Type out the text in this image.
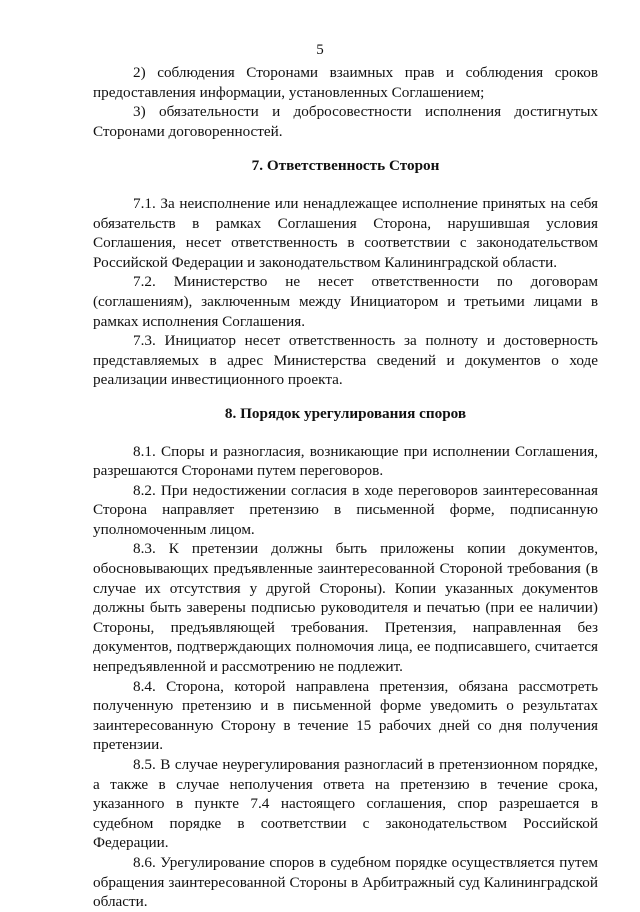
5

2) соблюдения Сторонами взаимных прав и соблюдения сроков предоставления информации, установленных Соглашением;

3) обязательности и добросовестности исполнения достигнутых Сторонами договоренностей.

7. Ответственность Сторон

7.1. За неисполнение или ненадлежащее исполнение принятых на себя обязательств в рамках Соглашения Сторона, нарушившая условия Соглашения, несет ответственность в соответствии с законодательством Российской Федерации и законодательством Калининградской области.

7.2. Министерство не несет ответственности по договорам (соглашениям), заключенным между Инициатором и третьими лицами в рамках исполнения Соглашения.

7.3. Инициатор несет ответственность за полноту и достоверность представляемых в адрес Министерства сведений и документов о ходе реализации инвестиционного проекта.

8. Порядок урегулирования споров

8.1. Споры и разногласия, возникающие при исполнении Соглашения, разрешаются Сторонами путем переговоров.

8.2. При недостижении согласия в ходе переговоров заинтересованная Сторона направляет претензию в письменной форме, подписанную уполномоченным лицом.

8.3. К претензии должны быть приложены копии документов, обосновывающих предъявленные заинтересованной Стороной требования (в случае их отсутствия у другой Стороны). Копии указанных документов должны быть заверены подписью руководителя и печатью (при ее наличии) Стороны, предъявляющей требования. Претензия, направленная без документов, подтверждающих полномочия лица, ее подписавшего, считается непредъявленной и рассмотрению не подлежит.

8.4. Сторона, которой направлена претензия, обязана рассмотреть полученную претензию и в письменной форме уведомить о результатах заинтересованную Сторону в течение 15 рабочих дней со дня получения претензии.

8.5. В случае неурегулирования разногласий в претензионном порядке, а также в случае неполучения ответа на претензию в течение срока, указанного в пункте 7.4 настоящего соглашения, спор разрешается в судебном порядке в соответствии с законодательством Российской Федерации.

8.6. Урегулирование споров в судебном порядке осуществляется путем обращения заинтересованной Стороны в Арбитражный суд Калининградской области.
